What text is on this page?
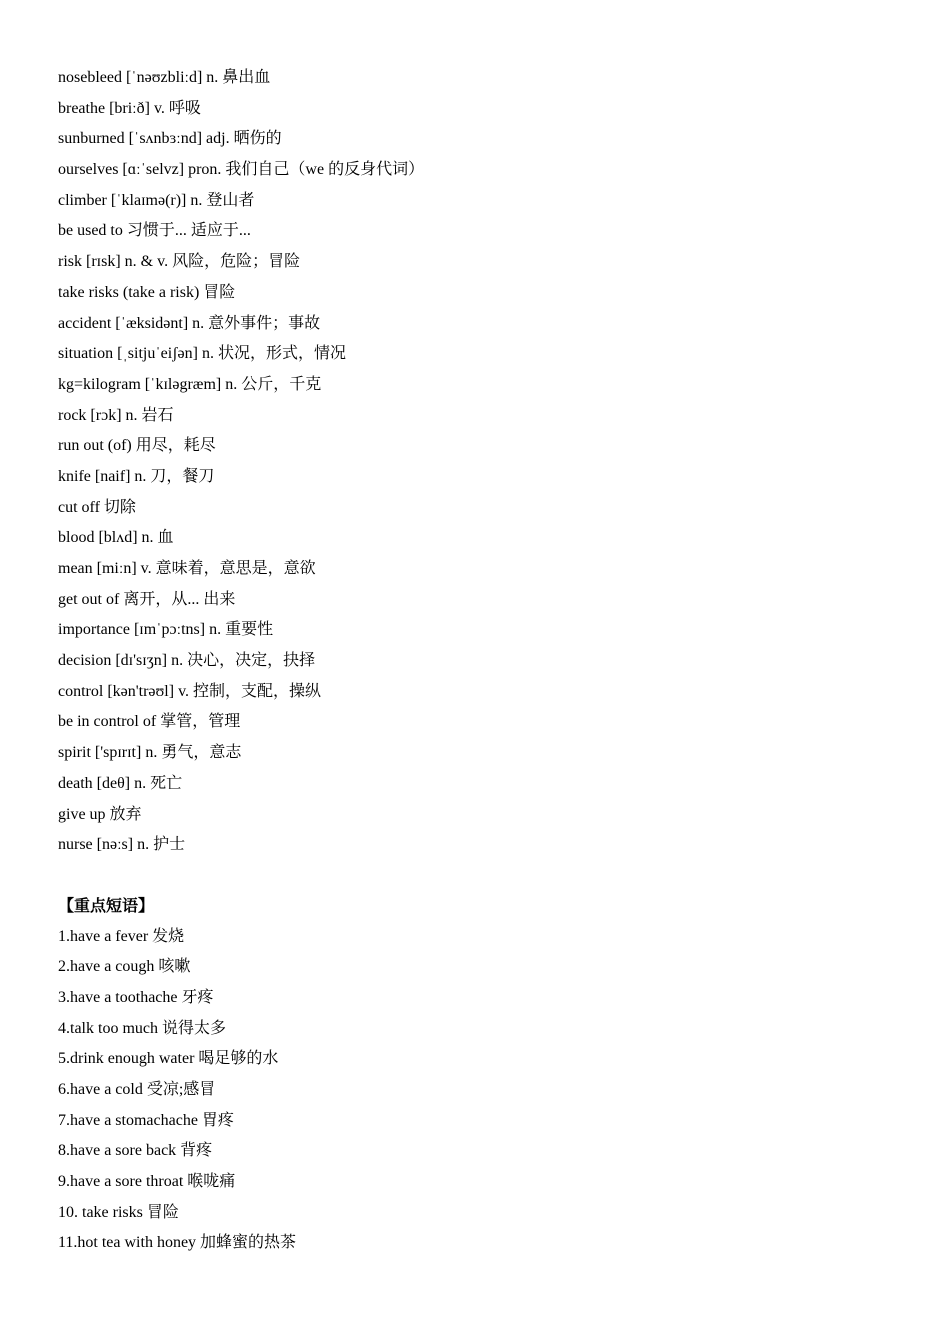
nosebleed [ˈnəʊzbliːd] n. 鼻出血
breathe [briːð] v. 呼吸
sunburned [ˈsʌnbɜːnd] adj. 晒伤的
ourselves [ɑːˈselvz] pron. 我们自己（we 的反身代词）
climber [ˈklaɪmə(r)] n. 登山者
be used to 习惯于... 适应于...
risk [rɪsk] n. & v. 风险，危险；冒险
take risks (take a risk) 冒险
accident [ˈæksidənt] n. 意外事件；事故
situation [ˌsitjuˈeiʃən] n. 状况，形式，情况
kg=kilogram [ˈkɪləgræm] n. 公斤，千克
rock [rɔk] n. 岩石
run out (of) 用尽，耗尽
knife [naif] n. 刀，餐刀
cut off 切除
blood [blʌd] n. 血
mean [miːn] v. 意味着，意思是，意欲
get out of 离开，从... 出来
importance [ɪmˈpɔːtns] n. 重要性
decision [dɪ'sɪʒn] n. 决心，决定，抉择
control [kən'trəʊl] v. 控制，支配，操纵
be in control of 掌管，管理
spirit ['spɪrɪt] n. 勇气，意志
death [deθ] n. 死亡
give up 放弃
nurse [nəːs] n. 护士
【重点短语】
1.have a fever 发烧
2.have a cough 咳嗽
3.have a toothache 牙疼
4.talk too much 说得太多
5.drink enough water 喝足够的水
6.have a cold 受凉;感冒
7.have a stomachache 胃疼
8.have a sore back 背疼
9.have a sore throat 喉咙痛
10. take risks 冒险
11.hot tea with honey 加蜂蜜的热茶
